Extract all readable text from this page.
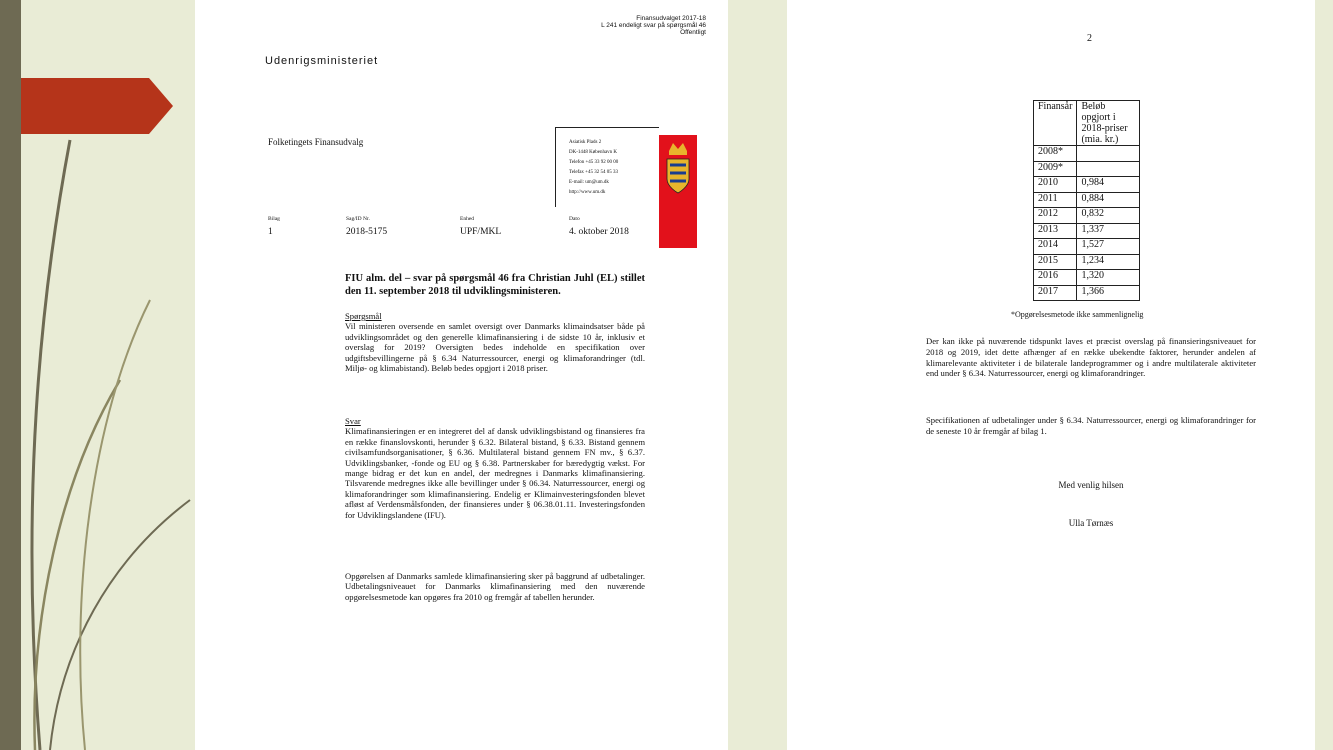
Finansudvalget 2017-18
L 241 endeligt svar på spørgsmål 46
Offentligt
Udenrigsministeriet
Folketingets Finansudvalg	Asiatisk Plads 2
DK-1448 København K
Telefon +45 33 92 00 00
Telefax +45 32 54 05 33
E-mail: um@um.dk
http://www.um.dk
Bilag	Sag/ID Nr.	Enhed	Dato
1	2018-5175	UPF/MKL	4. oktober 2018
FIU alm. del – svar på spørgsmål 46 fra Christian Juhl (EL) stillet den 11. september 2018 til udviklingsministeren.
Spørgsmål
Vil ministeren oversende en samlet oversigt over Danmarks klimaindsatser både på udviklingsområdet og den generelle klimafinansiering i de sidste 10 år, inklusiv et overslag for 2019? Oversigten bedes indeholde en specifikation over udgiftsbevillingerne på § 6.34 Naturressourcer, energi og klimaforandringer (tdl. Miljø- og klimabistand). Beløb bedes opgjort i 2018 priser.
Svar
Klimafinansieringen er en integreret del af dansk udviklingsbistand og finansieres fra en række finanslovskonti, herunder § 6.32. Bilateral bistand, § 6.33. Bistand gennem civilsamfundsorganisationer, § 6.36. Multilateral bistand gennem FN mv., § 6.37. Udviklingsbanker, -fonde og EU og § 6.38. Partnerskaber for bæredygtig vækst. For mange bidrag er det kun en andel, der medregnes i Danmarks klimafinansiering. Tilsvarende medregnes ikke alle bevillinger under § 06.34. Naturressourcer, energi og klimaforandringer som klimafinansiering. Endelig er Klimainvesteringsfonden blevet afløst af Verdensmålsfonden, der finansieres under § 06.38.01.11. Investeringsfonden for Udviklingslandene (IFU).
Opgørelsen af Danmarks samlede klimafinansiering sker på baggrund af udbetalinger. Udbetalingsniveauet for Danmarks klimafinansiering med den nuværende opgørelsesmetode kan opgøres fra 2010 og fremgår af tabellen herunder.
2
Finansår	Beløb opgjort i 2018-priser (mia. kr.)
2008*	
2009*	
2010	0,984
2011	0,884
2012	0,832
2013	1,337
2014	1,527
2015	1,234
2016	1,320
2017	1,366
*Opgørelsesmetode ikke sammenlignelig
Der kan ikke på nuværende tidspunkt laves et præcist overslag på finansieringsniveauet for 2018 og 2019, idet dette afhænger af en række ubekendte faktorer, herunder andelen af klimarelevante aktiviteter i de bilaterale landeprogrammer og i andre multilaterale aktiviteter end under § 6.34. Naturressourcer, energi og klimaforandringer.
Specifikationen af udbetalinger under § 6.34. Naturressourcer, energi og klimaforandringer for de seneste 10 år fremgår af bilag 1.
Med venlig hilsen
Ulla Tørnæs
